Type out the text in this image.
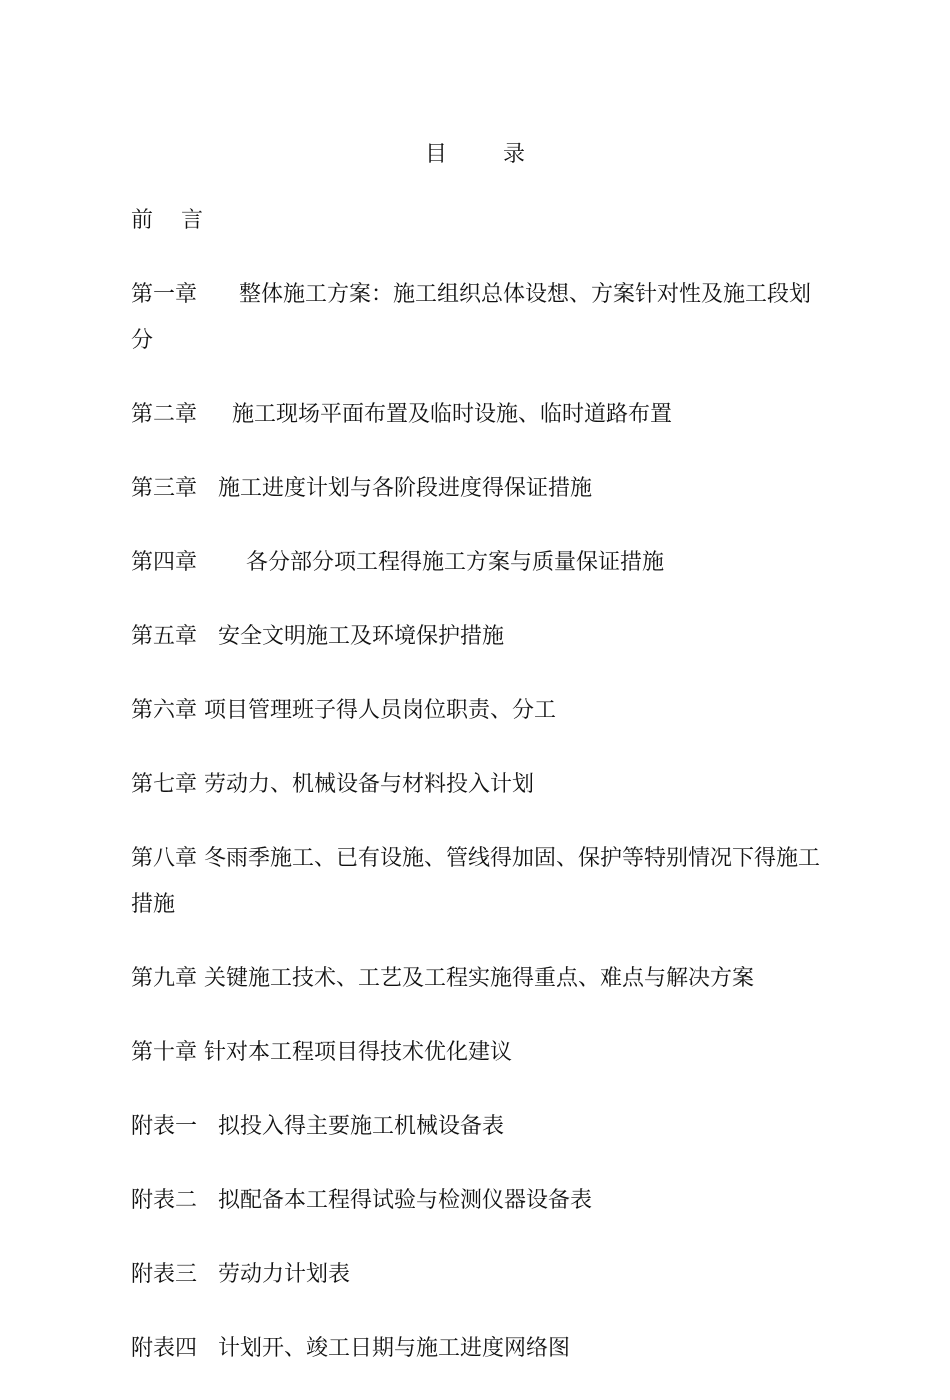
目        录
前    言
第一章 整体施工方案：施工组织总体设想、方案针对性及施工段划分
第二章 施工现场平面布置及临时设施、临时道路布置
第三章 施工进度计划与各阶段进度得保证措施
第四章 各分部分项工程得施工方案与质量保证措施
第五章 安全文明施工及环境保护措施
第六章 项目管理班子得人员岗位职责、分工
第七章 劳动力、机械设备与材料投入计划
第八章 冬雨季施工、已有设施、管线得加固、保护等特别情况下得施工措施
第九章 关键施工技术、工艺及工程实施得重点、难点与解决方案
第十章 针对本工程项目得技术优化建议
附表一 拟投入得主要施工机械设备表
附表二 拟配备本工程得试验与检测仪器设备表
附表三 劳动力计划表
附表四 计划开、竣工日期与施工进度网络图
